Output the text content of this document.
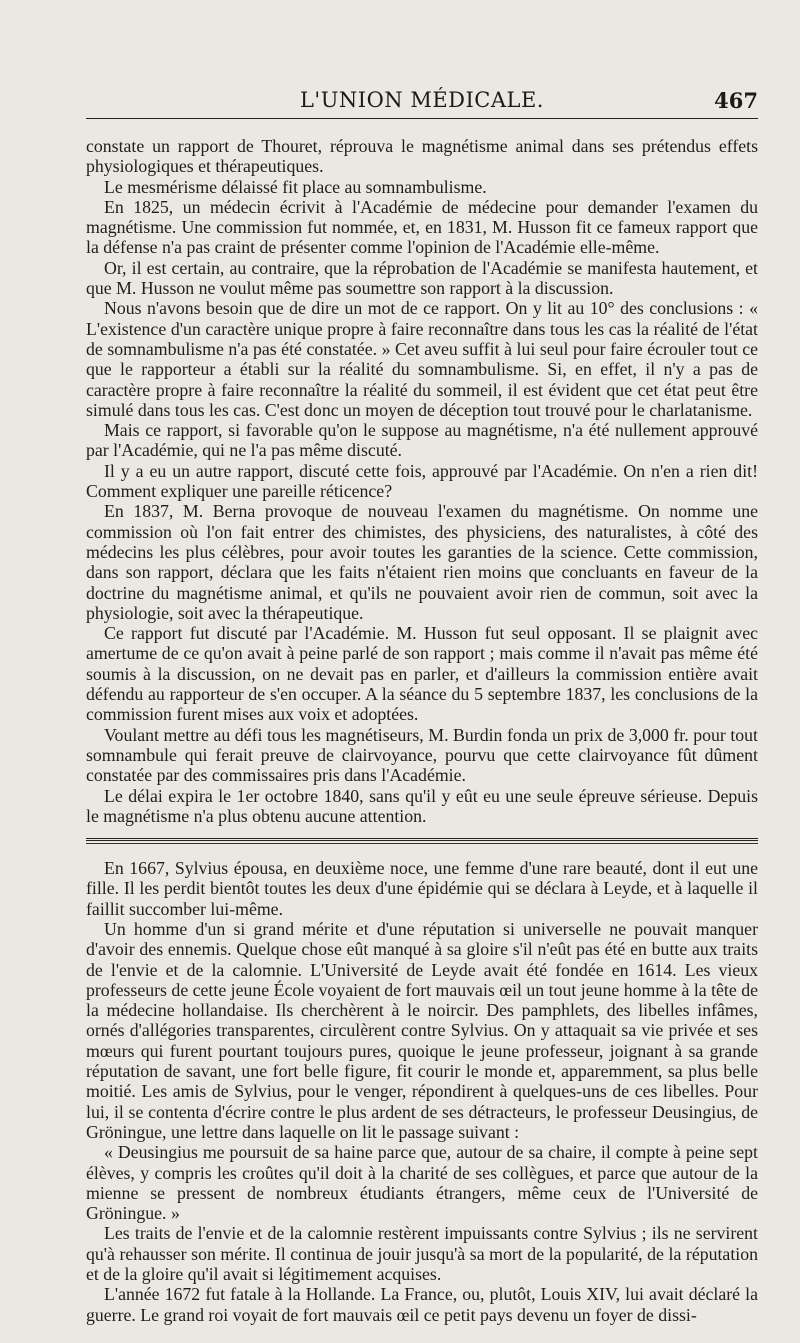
L'UNION MÉDICALE.	467

constate un rapport de Thouret, réprouva le magnétisme animal dans ses prétendus effets physiologiques et thérapeutiques.

Le mesmérisme délaissé fit place au somnambulisme.

En 1825, un médecin écrivit à l'Académie de médecine pour demander l'examen du magnétisme. Une commission fut nommée, et, en 1831, M. Husson fit ce fameux rapport que la défense n'a pas craint de présenter comme l'opinion de l'Académie elle-même.

Or, il est certain, au contraire, que la réprobation de l'Académie se manifesta hautement, et que M. Husson ne voulut même pas soumettre son rapport à la discussion.

Nous n'avons besoin que de dire un mot de ce rapport. On y lit au 10° des conclusions : « L'existence d'un caractère unique propre à faire reconnaître dans tous les cas la réalité de l'état de somnambulisme n'a pas été constatée. » Cet aveu suffit à lui seul pour faire écrouler tout ce que le rapporteur a établi sur la réalité du somnambulisme. Si, en effet, il n'y a pas de caractère propre à faire reconnaître la réalité du sommeil, il est évident que cet état peut être simulé dans tous les cas. C'est donc un moyen de déception tout trouvé pour le charlatanisme.

Mais ce rapport, si favorable qu'on le suppose au magnétisme, n'a été nullement approuvé par l'Académie, qui ne l'a pas même discuté.

Il y a eu un autre rapport, discuté cette fois, approuvé par l'Académie. On n'en a rien dit! Comment expliquer une pareille réticence?

En 1837, M. Berna provoque de nouveau l'examen du magnétisme. On nomme une commission où l'on fait entrer des chimistes, des physiciens, des naturalistes, à côté des médecins les plus célèbres, pour avoir toutes les garanties de la science. Cette commission, dans son rapport, déclara que les faits n'étaient rien moins que concluants en faveur de la doctrine du magnétisme animal, et qu'ils ne pouvaient avoir rien de commun, soit avec la physiologie, soit avec la thérapeutique.

Ce rapport fut discuté par l'Académie. M. Husson fut seul opposant. Il se plaignit avec amertume de ce qu'on avait à peine parlé de son rapport ; mais comme il n'avait pas même été soumis à la discussion, on ne devait pas en parler, et d'ailleurs la commission entière avait défendu au rapporteur de s'en occuper. A la séance du 5 septembre 1837, les conclusions de la commission furent mises aux voix et adoptées.

Voulant mettre au défi tous les magnétiseurs, M. Burdin fonda un prix de 3,000 fr. pour tout somnambule qui ferait preuve de clairvoyance, pourvu que cette clairvoyance fût dûment constatée par des commissaires pris dans l'Académie.

Le délai expira le 1er octobre 1840, sans qu'il y eût eu une seule épreuve sérieuse. Depuis le magnétisme n'a plus obtenu aucune attention.

En 1667, Sylvius épousa, en deuxième noce, une femme d'une rare beauté, dont il eut une fille. Il les perdit bientôt toutes les deux d'une épidémie qui se déclara à Leyde, et à laquelle il faillit succomber lui-même.

Un homme d'un si grand mérite et d'une réputation si universelle ne pouvait manquer d'avoir des ennemis. Quelque chose eût manqué à sa gloire s'il n'eût pas été en butte aux traits de l'envie et de la calomnie. L'Université de Leyde avait été fondée en 1614. Les vieux professeurs de cette jeune École voyaient de fort mauvais œil un tout jeune homme à la tête de la médecine hollandaise. Ils cherchèrent à le noircir. Des pamphlets, des libelles infâmes, ornés d'allégories transparentes, circulèrent contre Sylvius. On y attaquait sa vie privée et ses mœurs qui furent pourtant toujours pures, quoique le jeune professeur, joignant à sa grande réputation de savant, une fort belle figure, fit courir le monde et, apparemment, sa plus belle moitié. Les amis de Sylvius, pour le venger, répondirent à quelques-uns de ces libelles. Pour lui, il se contenta d'écrire contre le plus ardent de ses détracteurs, le professeur Deusingius, de Gröningue, une lettre dans laquelle on lit le passage suivant :

« Deusingius me poursuit de sa haine parce que, autour de sa chaire, il compte à peine sept élèves, y compris les croûtes qu'il doit à la charité de ses collègues, et parce que autour de la mienne se pressent de nombreux étudiants étrangers, même ceux de l'Université de Gröningue. »

Les traits de l'envie et de la calomnie restèrent impuissants contre Sylvius ; ils ne servirent qu'à rehausser son mérite. Il continua de jouir jusqu'à sa mort de la popularité, de la réputation et de la gloire qu'il avait si légitimement acquises.

L'année 1672 fut fatale à la Hollande. La France, ou, plutôt, Louis XIV, lui avait déclaré la guerre. Le grand roi voyait de fort mauvais œil ce petit pays devenu un foyer de dissi-
